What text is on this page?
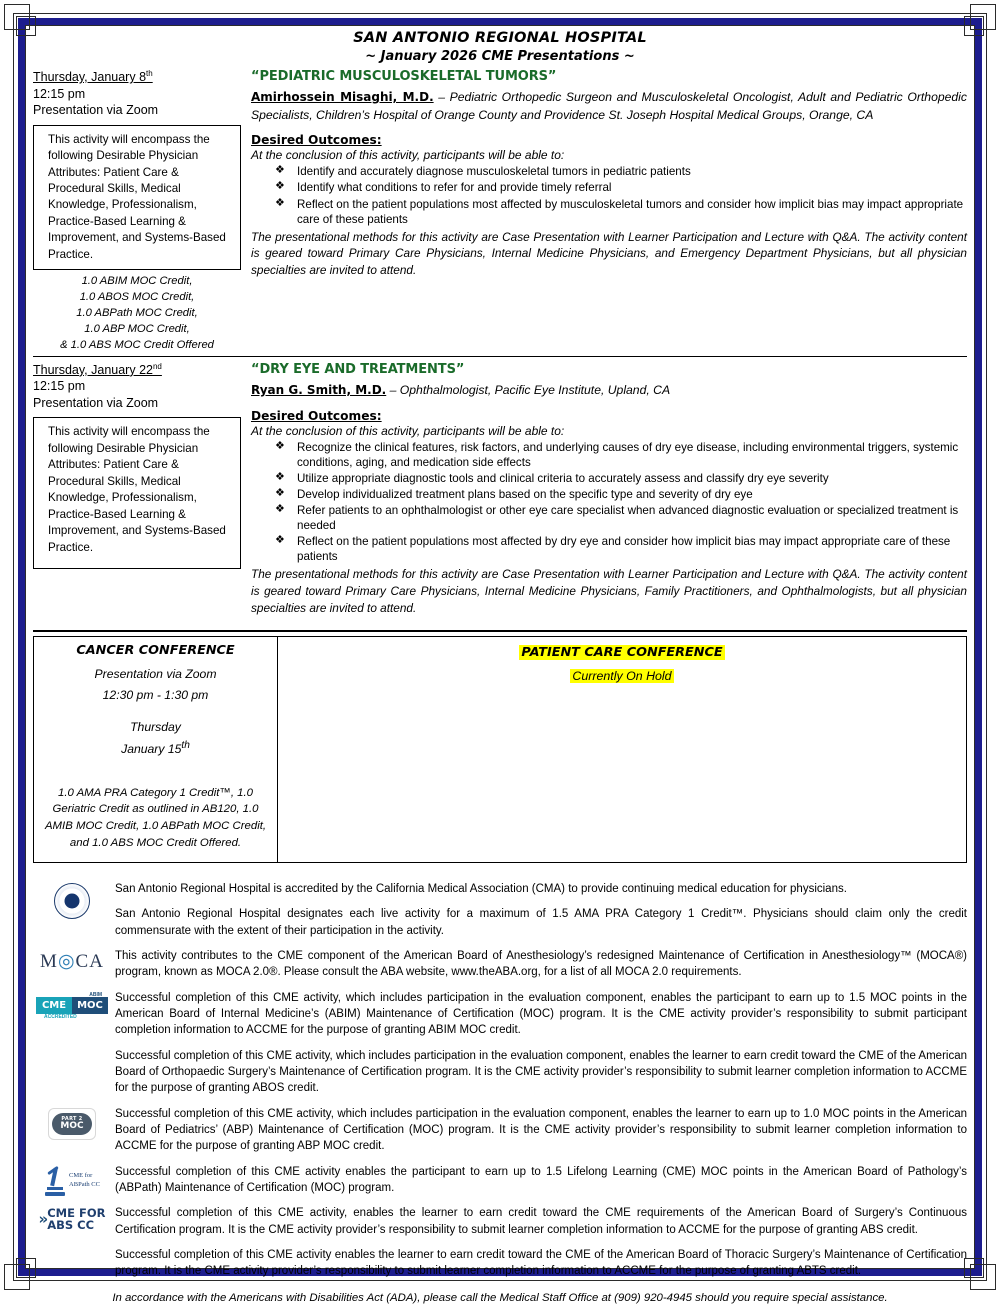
SAN ANTONIO REGIONAL HOSPITAL
~ January 2026 CME Presentations ~
Thursday, January 8th
12:15 pm
Presentation via Zoom
This activity will encompass the following Desirable Physician Attributes: Patient Care & Procedural Skills, Medical Knowledge, Professionalism, Practice-Based Learning & Improvement, and Systems-Based Practice.
1.0 ABIM MOC Credit,
1.0 ABOS MOC Credit,
1.0 ABPath MOC Credit,
1.0 ABP MOC Credit,
& 1.0 ABS MOC Credit Offered
“PEDIATRIC MUSCULOSKELETAL TUMORS”
Amirhossein Misaghi, M.D. – Pediatric Orthopedic Surgeon and Musculoskeletal Oncologist, Adult and Pediatric Orthopedic Specialists, Children’s Hospital of Orange County and Providence St. Joseph Hospital Medical Groups, Orange, CA
Desired Outcomes:
At the conclusion of this activity, participants will be able to:
❖ Identify and accurately diagnose musculoskeletal tumors in pediatric patients
❖ Identify what conditions to refer for and provide timely referral
❖ Reflect on the patient populations most affected by musculoskeletal tumors and consider how implicit bias may impact appropriate care of these patients
The presentational methods for this activity are Case Presentation with Learner Participation and Lecture with Q&A. The activity content is geared toward Primary Care Physicians, Internal Medicine Physicians, and Emergency Department Physicians, but all physician specialties are invited to attend.
Thursday, January 22nd
12:15 pm
Presentation via Zoom
This activity will encompass the following Desirable Physician Attributes: Patient Care & Procedural Skills, Medical Knowledge, Professionalism, Practice-Based Learning & Improvement, and Systems-Based Practice.
“DRY EYE AND TREATMENTS”
Ryan G. Smith, M.D. – Ophthalmologist, Pacific Eye Institute, Upland, CA
Desired Outcomes:
At the conclusion of this activity, participants will be able to:
❖ Recognize the clinical features, risk factors, and underlying causes of dry eye disease, including environmental triggers, systemic conditions, aging, and medication side effects
❖ Utilize appropriate diagnostic tools and clinical criteria to accurately assess and classify dry eye severity
❖ Develop individualized treatment plans based on the specific type and severity of dry eye
❖ Refer patients to an ophthalmologist or other eye care specialist when advanced diagnostic evaluation or specialized treatment is needed
❖ Reflect on the patient populations most affected by dry eye and consider how implicit bias may impact appropriate care of these patients
The presentational methods for this activity are Case Presentation with Learner Participation and Lecture with Q&A. The activity content is geared toward Primary Care Physicians, Internal Medicine Physicians, Family Practitioners, and Ophthalmologists, but all physician specialties are invited to attend.
CANCER CONFERENCE
Presentation via Zoom
12:30 pm - 1:30 pm
Thursday
January 15th
1.0 AMA PRA Category 1 Credit™, 1.0 Geriatric Credit as outlined in AB120, 1.0 AMIB MOC Credit, 1.0 ABPath MOC Credit, and 1.0 ABS MOC Credit Offered.
PATIENT CARE CONFERENCE
Currently On Hold

San Antonio Regional Hospital is accredited by the California Medical Association (CMA) to provide continuing medical education for physicians.

San Antonio Regional Hospital designates each live activity for a maximum of 1.5 AMA PRA Category 1 Credit™. Physicians should claim only the credit commensurate with the extent of their participation in the activity.

M◎CA This activity contributes to the CME component of the American Board of Anesthesiology’s redesigned Maintenance of Certification in Anesthesiology™ (MOCA®) program, known as MOCA 2.0®. Please consult the ABA website, www.theABA.org, for a list of all MOCA 2.0 requirements.

ABIM
CME	MOC
ACCREDITED

Successful completion of this CME activity, which includes participation in the evaluation component, enables the participant to earn up to 1.5 MOC points in the American Board of Internal Medicine’s (ABIM) Maintenance of Certification (MOC) program. It is the CME activity provider’s responsibility to submit participant completion information to ACCME for the purpose of granting ABIM MOC credit.

Successful completion of this CME activity, which includes participation in the evaluation component, enables the learner to earn credit toward the CME of the American Board of Orthopaedic Surgery’s Maintenance of Certification program. It is the CME activity provider’s responsibility to submit learner completion information to ACCME for the purpose of granting ABOS credit.

PART 2
MOC

Successful completion of this CME activity, which includes participation in the evaluation component, enables the learner to earn up to 1.0 MOC points in the American Board of Pediatrics’ (ABP) Maintenance of Certification (MOC) program. It is the CME activity provider’s responsibility to submit learner completion information to ACCME for the purpose of granting ABP MOC credit.

CME for
ABPath CC

Successful completion of this CME activity enables the participant to earn up to 1.5 Lifelong Learning (CME) MOC points in the American Board of Pathology’s (ABPath) Maintenance of Certification (MOC) program.

» CME FOR
ABS CC

Successful completion of this CME activity, enables the learner to earn credit toward the CME requirements of the American Board of Surgery’s Continuous Certification program. It is the CME activity provider’s responsibility to submit learner completion information to ACCME for the purpose of granting ABS credit.

Successful completion of this CME activity enables the learner to earn credit toward the CME of the American Board of Thoracic Surgery’s Maintenance of Certification program. It is the CME activity provider’s responsibility to submit learner completion information to ACCME for the purpose of granting ABTS credit.

In accordance with the Americans with Disabilities Act (ADA), please call the Medical Staff Office at (909) 920-4945 should you require special assistance.
